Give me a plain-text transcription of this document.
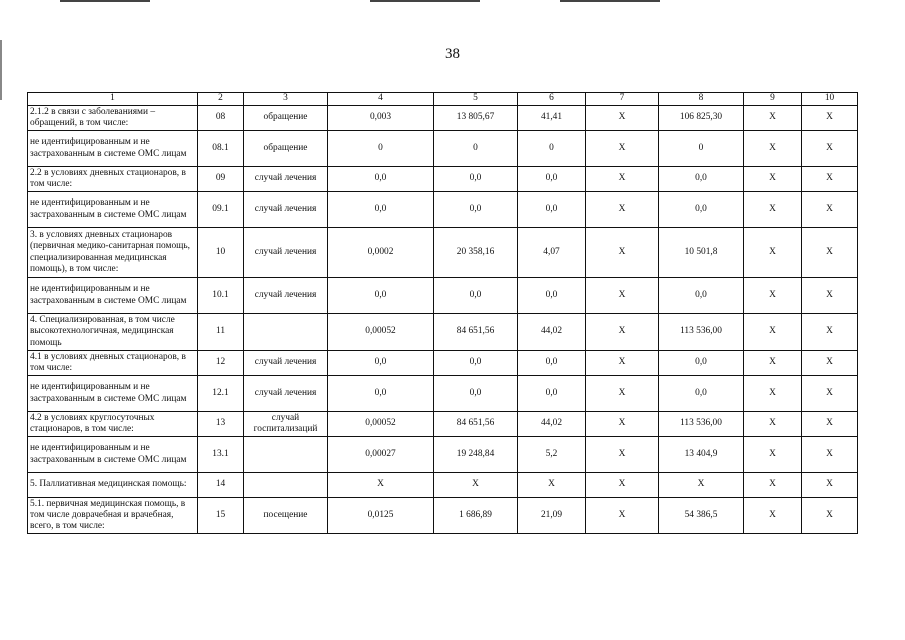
38
1	2	3	4	5	6	7	8	9	10
2.1.2 в связи с заболеваниями – обращений, в том числе:	08	обращение	0,003	13 805,67	41,41	X	106 825,30	X	X
не идентифицированным и не застрахованным в системе ОМС лицам	08.1	обращение	0	0	0	X	0	X	X
2.2 в условиях дневных стационаров, в том числе:	09	случай лечения	0,0	0,0	0,0	X	0,0	X	X
не идентифицированным и не застрахованным в системе ОМС лицам	09.1	случай лечения	0,0	0,0	0,0	X	0,0	X	X
3. в условиях дневных стационаров (первичная медико-санитарная помощь, специализированная медицинская помощь), в том числе:	10	случай лечения	0,0002	20 358,16	4,07	X	10 501,8	X	X
не идентифицированным и не застрахованным в системе ОМС лицам	10.1	случай лечения	0,0	0,0	0,0	X	0,0	X	X
4. Специализированная, в том числе высокотехнологичная, медицинская помощь	11		0,00052	84 651,56	44,02	X	113 536,00	X	X
4.1 в условиях дневных стационаров, в том числе:	12	случай лечения	0,0	0,0	0,0	X	0,0	X	X
не идентифицированным и не застрахованным в системе ОМС лицам	12.1	случай лечения	0,0	0,0	0,0	X	0,0	X	X
4.2 в условиях круглосуточных стационаров, в том числе:	13	случай госпитализаций	0,00052	84 651,56	44,02	X	113 536,00	X	X
не идентифицированным и не застрахованным в системе ОМС лицам	13.1		0,00027	19 248,84	5,2	X	13 404,9	X	X
5. Паллиативная медицинская помощь:	14		X	X	X	X	X	X	X
5.1. первичная медицинская помощь, в том числе доврачебная и врачебная, всего, в том числе:	15	посещение	0,0125	1 686,89	21,09	X	54 386,5	X	X
